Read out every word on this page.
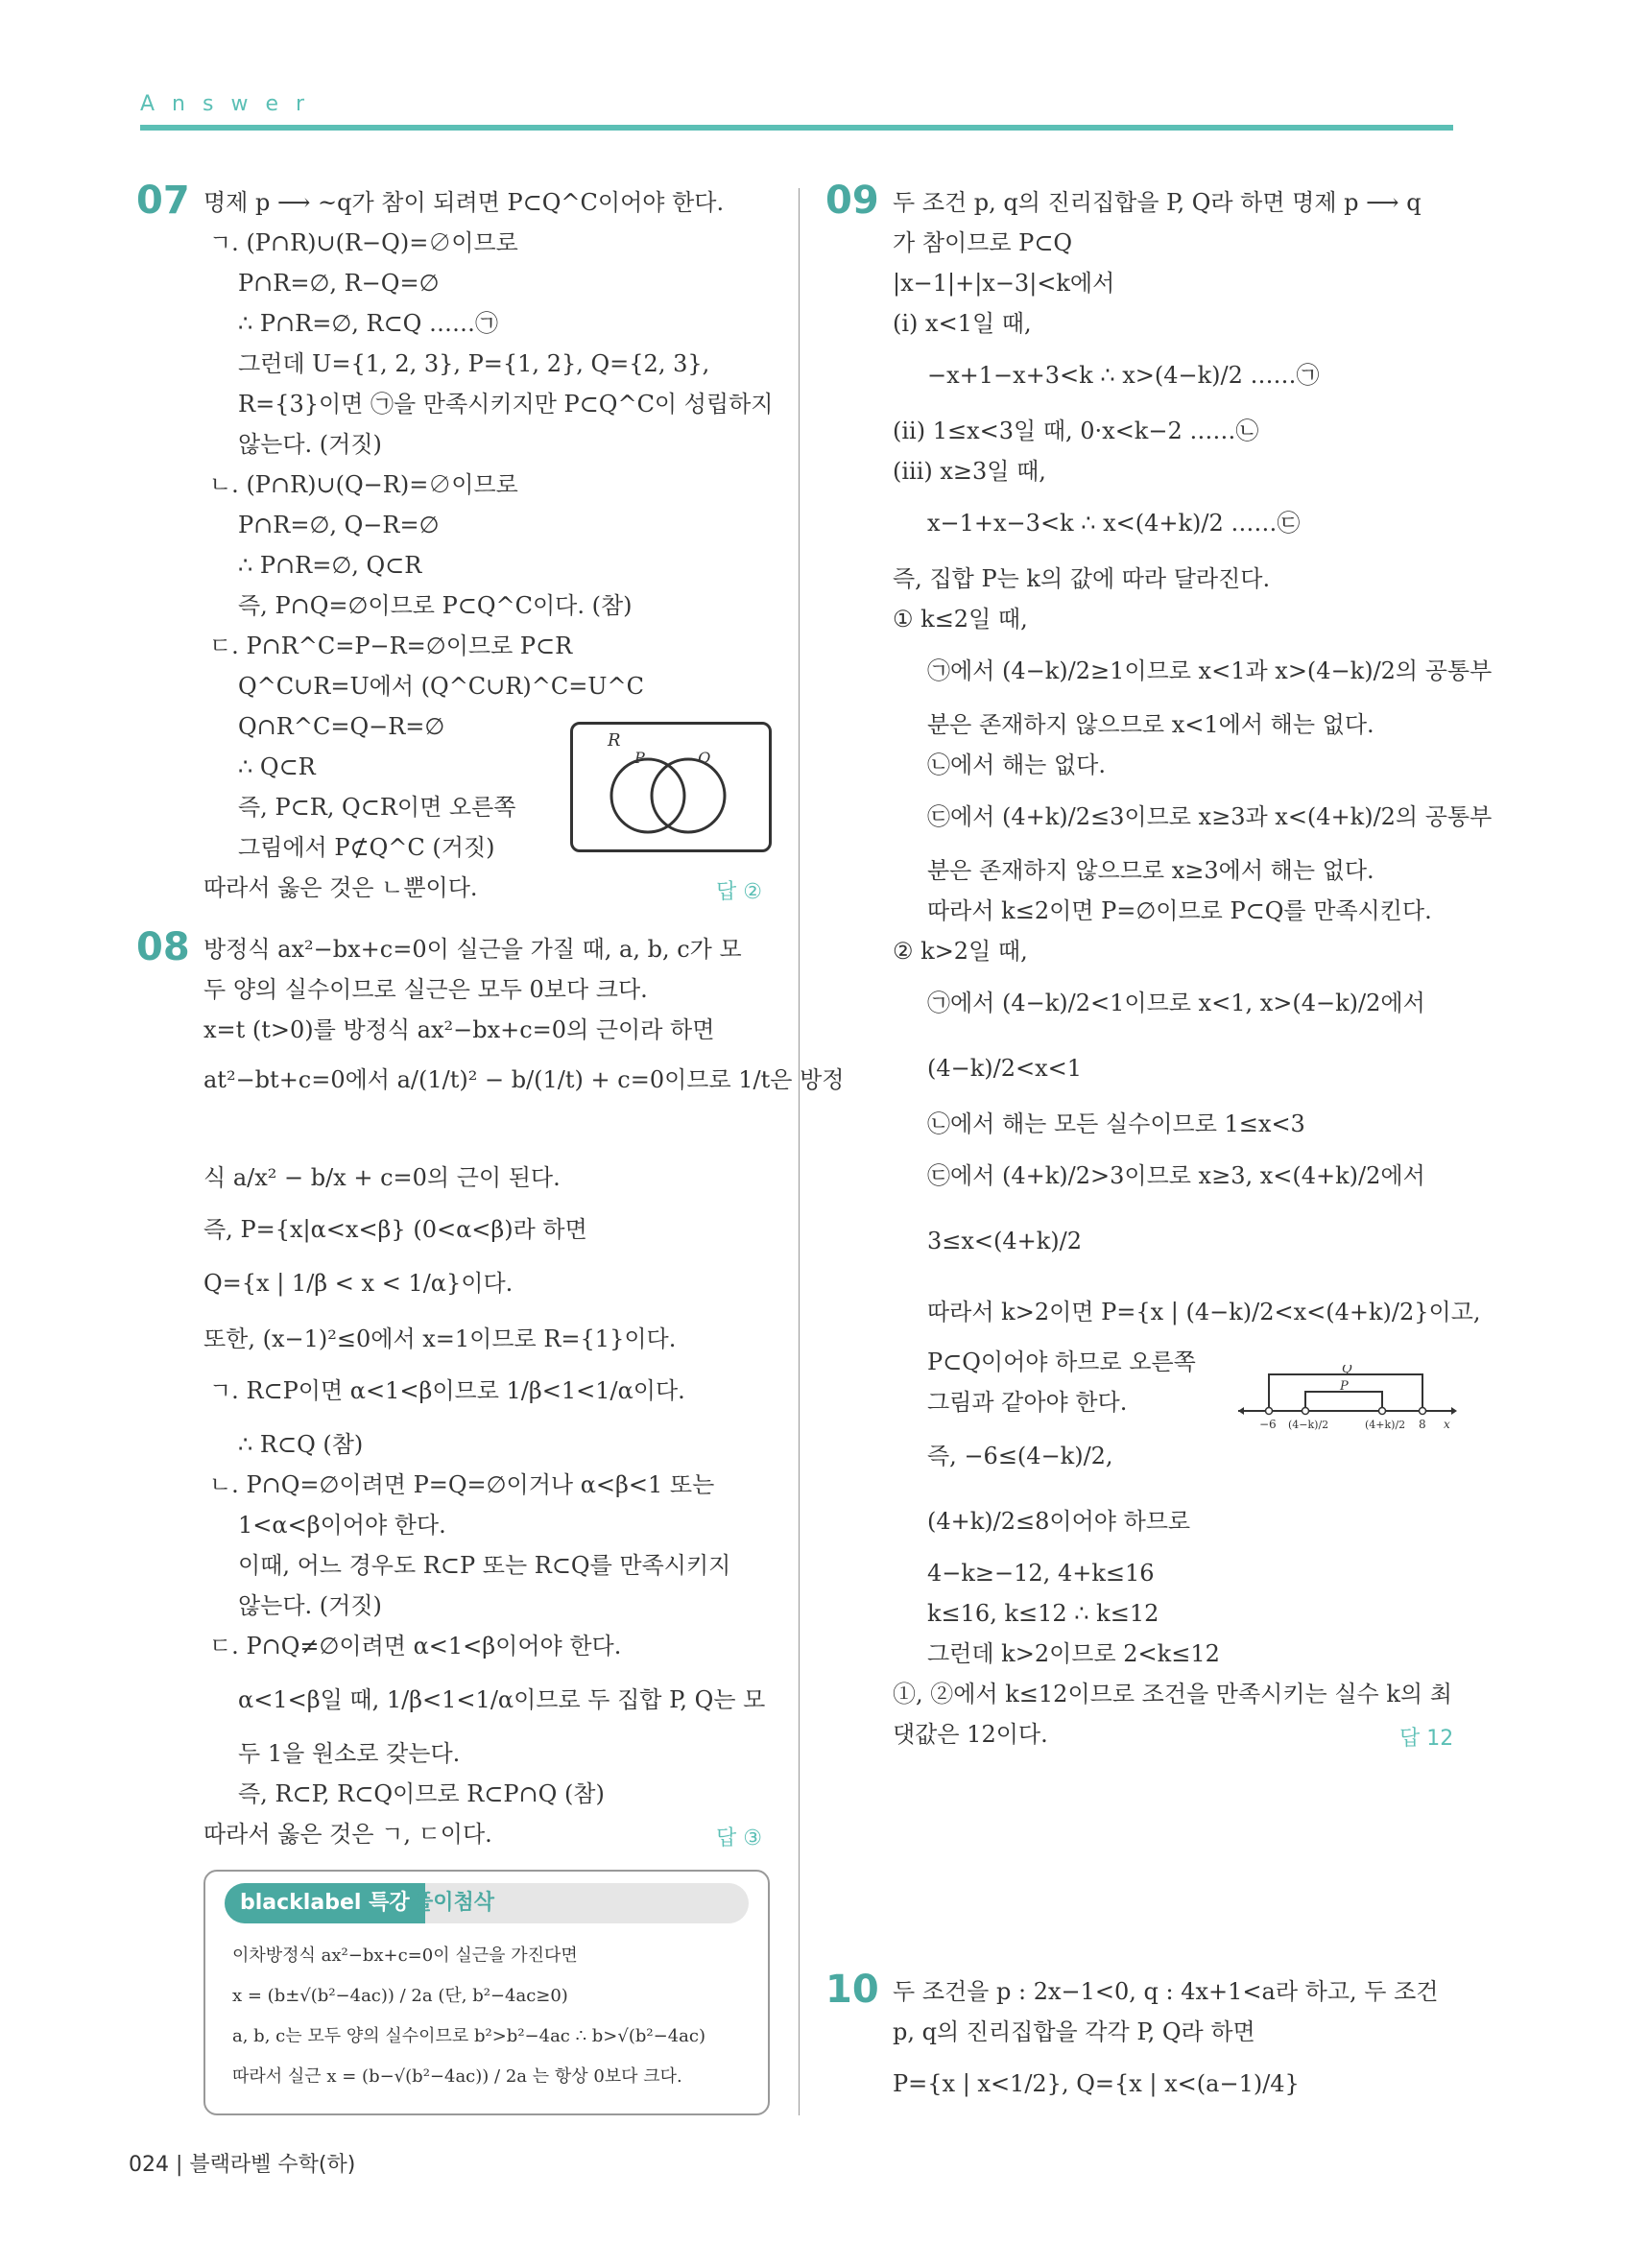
Answer
07 명제 p ⟶ ~q가 참이 되려면 P⊂Q^C이어야 한다.
ㄱ. (P∩R)∪(R−Q)=∅이므로
P∩R=∅, R−Q=∅
∴ P∩R=∅, R⊂Q ……㉠
그런데 U={1, 2, 3}, P={1, 2}, Q={2, 3},
R={3}이면 ㉠을 만족시키지만 P⊂Q^C이 성립하지
않는다. (거짓)
ㄴ. (P∩R)∪(Q−R)=∅이므로
P∩R=∅, Q−R=∅
∴ P∩R=∅, Q⊂R
즉, P∩Q=∅이므로 P⊂Q^C이다. (참)
ㄷ. P∩R^C=P−R=∅이므로 P⊂R
Q^C∪R=U에서 (Q^C∪R)^C=U^C
Q∩R^C=Q−R=∅
∴ Q⊂R
즉, P⊂R, Q⊂R이면 오른쪽
그림에서 P⊄Q^C (거짓)
따라서 옳은 것은 ㄴ뿐이다.	답 ②
R
P	Q
08 방정식 ax²−bx+c=0이 실근을 가질 때, a, b, c가 모
두 양의 실수이므로 실근은 모두 0보다 크다.
x=t (t>0)를 방정식 ax²−bx+c=0의 근이라 하면
at²−bt+c=0에서 a/(1/t)² − b/(1/t) + c=0이므로 1/t은 방정
식 a/x² − b/x + c=0의 근이 된다.
즉, P={x|α<x<β} (0<α<β)라 하면
Q={x | 1/β < x < 1/α}이다.
또한, (x−1)²≤0에서 x=1이므로 R={1}이다.
ㄱ. R⊂P이면 α<1<β이므로 1/β<1<1/α이다.
∴ R⊂Q (참)
ㄴ. P∩Q=∅이려면 P=Q=∅이거나 α<β<1 또는
1<α<β이어야 한다.
이때, 어느 경우도 R⊂P 또는 R⊂Q를 만족시키지
않는다. (거짓)
ㄷ. P∩Q≠∅이려면 α<1<β이어야 한다.
α<1<β일 때, 1/β<1<1/α이므로 두 집합 P, Q는 모
두 1을 원소로 갖는다.
즉, R⊂P, R⊂Q이므로 R⊂P∩Q (참)
따라서 옳은 것은 ㄱ, ㄷ이다.	답 ③
blacklabel 특강 풀이첨삭
이차방정식 ax²−bx+c=0이 실근을 가진다면
x = (b±√(b²−4ac)) / 2a (단, b²−4ac≥0)
a, b, c는 모두 양의 실수이므로 b²>b²−4ac ∴ b>√(b²−4ac)
따라서 실근 x = (b−√(b²−4ac)) / 2a 는 항상 0보다 크다.
09 두 조건 p, q의 진리집합을 P, Q라 하면 명제 p ⟶ q
가 참이므로 P⊂Q
|x−1|+|x−3|<k에서
(i) x<1일 때,
−x+1−x+3<k ∴ x>(4−k)/2 ……㉠
(ii) 1≤x<3일 때, 0·x<k−2 ……㉡
(iii) x≥3일 때,
x−1+x−3<k ∴ x<(4+k)/2 ……㉢
즉, 집합 P는 k의 값에 따라 달라진다.
① k≤2일 때,
㉠에서 (4−k)/2≥1이므로 x<1과 x>(4−k)/2의 공통부
분은 존재하지 않으므로 x<1에서 해는 없다.
㉡에서 해는 없다.
㉢에서 (4+k)/2≤3이므로 x≥3과 x<(4+k)/2의 공통부
분은 존재하지 않으므로 x≥3에서 해는 없다.
따라서 k≤2이면 P=∅이므로 P⊂Q를 만족시킨다.
② k>2일 때,
㉠에서 (4−k)/2<1이므로 x<1, x>(4−k)/2에서
(4−k)/2<x<1
㉡에서 해는 모든 실수이므로 1≤x<3
㉢에서 (4+k)/2>3이므로 x≥3, x<(4+k)/2에서
3≤x<(4+k)/2
따라서 k>2이면 P={x | (4−k)/2<x<(4+k)/2}이고,
P⊂Q이어야 하므로 오른쪽
그림과 같아야 한다.
즉, −6≤(4−k)/2,
(4+k)/2≤8이어야 하므로
4−k≥−12, 4+k≤16
k≤16, k≤12 ∴ k≤12
그런데 k>2이므로 2<k≤12
①, ②에서 k≤12이므로 조건을 만족시키는 실수 k의 최
댓값은 12이다.	답 12
Q
P
−6 (4−k)/2	(4+k)/2 8 x
10 두 조건을 p : 2x−1<0, q : 4x+1<a라 하고, 두 조건
p, q의 진리집합을 각각 P, Q라 하면
P={x | x<1/2}, Q={x | x<(a−1)/4}
024 | 블랙라벨 수학(하)
